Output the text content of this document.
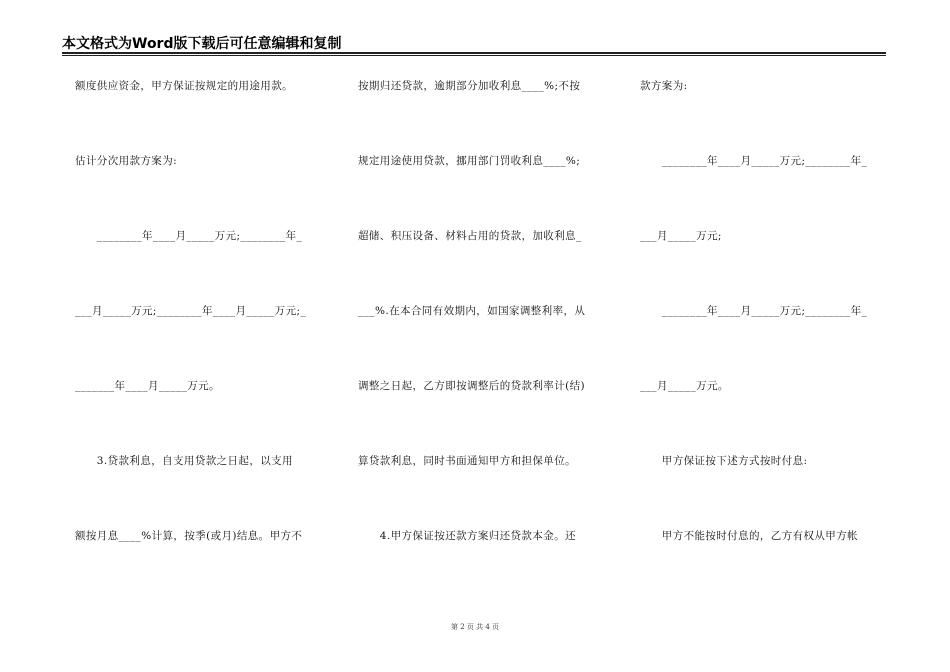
本文格式为Word版下载后可任意编辑和复制
额度供应资金，甲方保证按规定的用途用款。
估计分次用款方案为:
　　________年____月_____万元;________年_
___月_____万元;________年____月_____万元;_
_______年____月_____万元。
　　3.贷款利息，自支用贷款之日起，以支用
额按月息____%计算，按季(或月)结息。甲方不
按期归还贷款，逾期部分加收利息____%;不按
规定用途使用贷款，挪用部门罚收利息____%;
超储、积压设备、材料占用的贷款，加收利息_
___%.在本合同有效期内，如国家调整利率，从
调整之日起，乙方即按调整后的贷款利率计(结)
算贷款利息，同时书面通知甲方和担保单位。
　　4.甲方保证按还款方案归还贷款本金。还
款方案为:
　　________年____月_____万元;________年_
___月_____万元;
　　________年____月_____万元;________年_
___月_____万元。
　　甲方保证按下述方式按时付息:
　　甲方不能按时付息的，乙方有权从甲方帐
第 2 页 共 4 页
